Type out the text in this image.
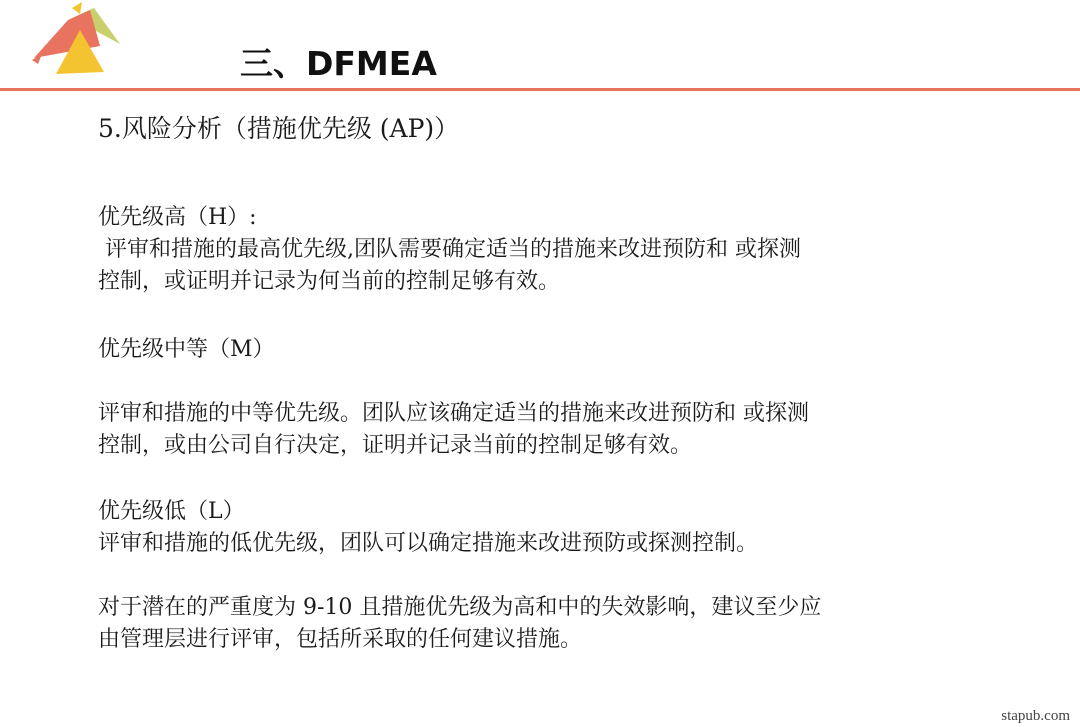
三、DFMEA
5.风险分析（措施优先级 (AP)）
优先级高（H）:
评审和措施的最高优先级,团队需要确定适当的措施来改进预防和 或探测
控制，或证明并记录为何当前的控制足够有效。
优先级中等（M）
评审和措施的中等优先级。团队应该确定适当的措施来改进预防和 或探测
控制，或由公司自行决定，证明并记录当前的控制足够有效。
优先级低（L）
评审和措施的低优先级，团队可以确定措施来改进预防或探测控制。
对于潜在的严重度为 9-10 且措施优先级为高和中的失效影响，建议至少应
由管理层进行评审，包括所采取的任何建议措施。
stapub.com
